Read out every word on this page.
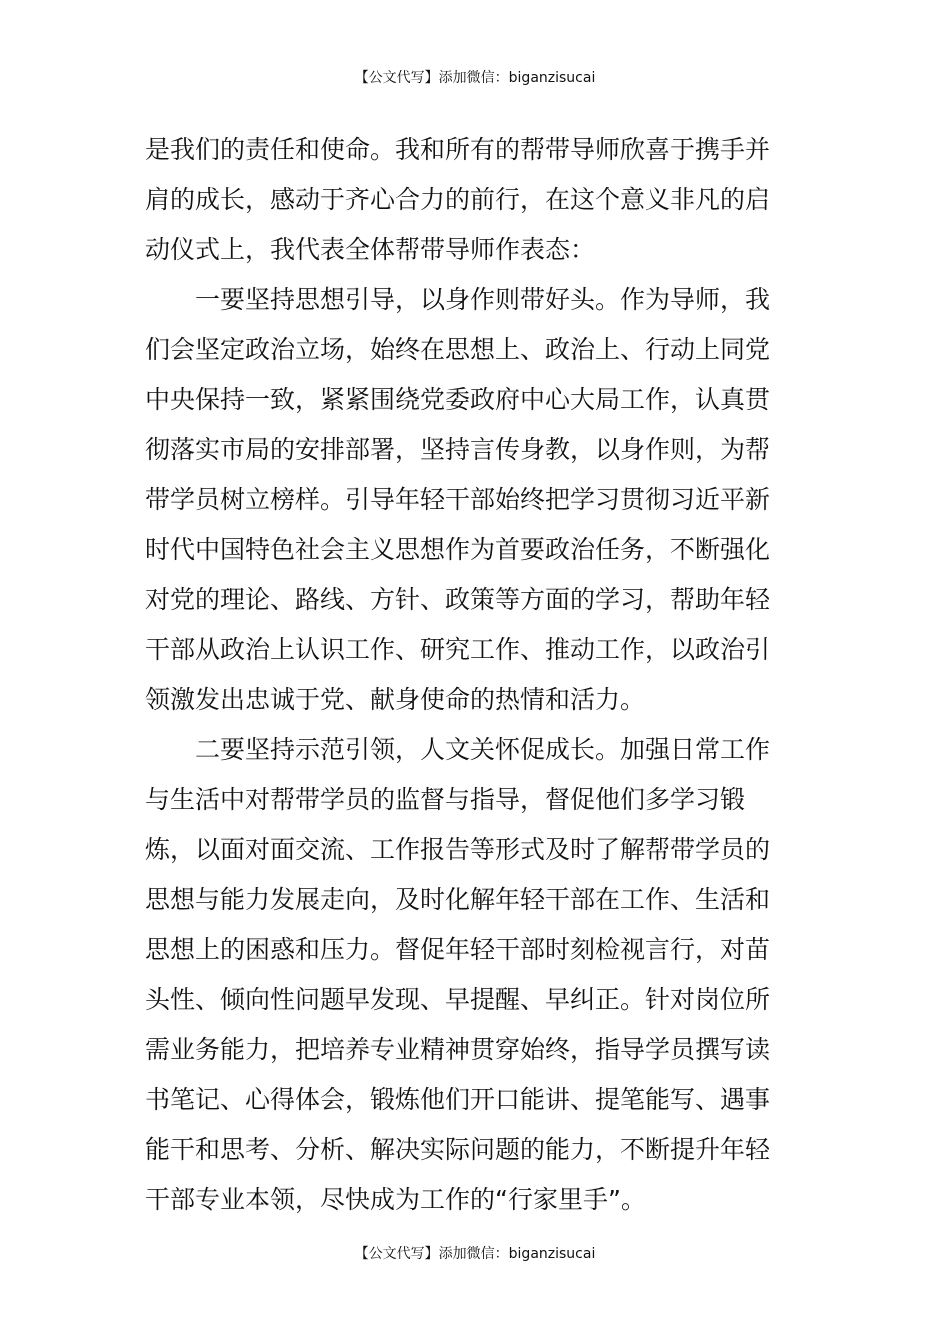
【公文代写】添加微信：biganzisucai
是我们的责任和使命。我和所有的帮带导师欣喜于携手并
肩的成长，感动于齐心合力的前行，在这个意义非凡的启
动仪式上，我代表全体帮带导师作表态：
　　一要坚持思想引导，以身作则带好头。作为导师，我
们会坚定政治立场，始终在思想上、政治上、行动上同党
中央保持一致，紧紧围绕党委政府中心大局工作，认真贯
彻落实市局的安排部署，坚持言传身教，以身作则，为帮
带学员树立榜样。引导年轻干部始终把学习贯彻习近平新
时代中国特色社会主义思想作为首要政治任务，不断强化
对党的理论、路线、方针、政策等方面的学习，帮助年轻
干部从政治上认识工作、研究工作、推动工作，以政治引
领激发出忠诚于党、献身使命的热情和活力。
　　二要坚持示范引领，人文关怀促成长。加强日常工作
与生活中对帮带学员的监督与指导，督促他们多学习锻
炼，以面对面交流、工作报告等形式及时了解帮带学员的
思想与能力发展走向，及时化解年轻干部在工作、生活和
思想上的困惑和压力。督促年轻干部时刻检视言行，对苗
头性、倾向性问题早发现、早提醒、早纠正。针对岗位所
需业务能力，把培养专业精神贯穿始终，指导学员撰写读
书笔记、心得体会，锻炼他们开口能讲、提笔能写、遇事
能干和思考、分析、解决实际问题的能力，不断提升年轻
干部专业本领，尽快成为工作的“行家里手”。
【公文代写】添加微信：biganzisucai
